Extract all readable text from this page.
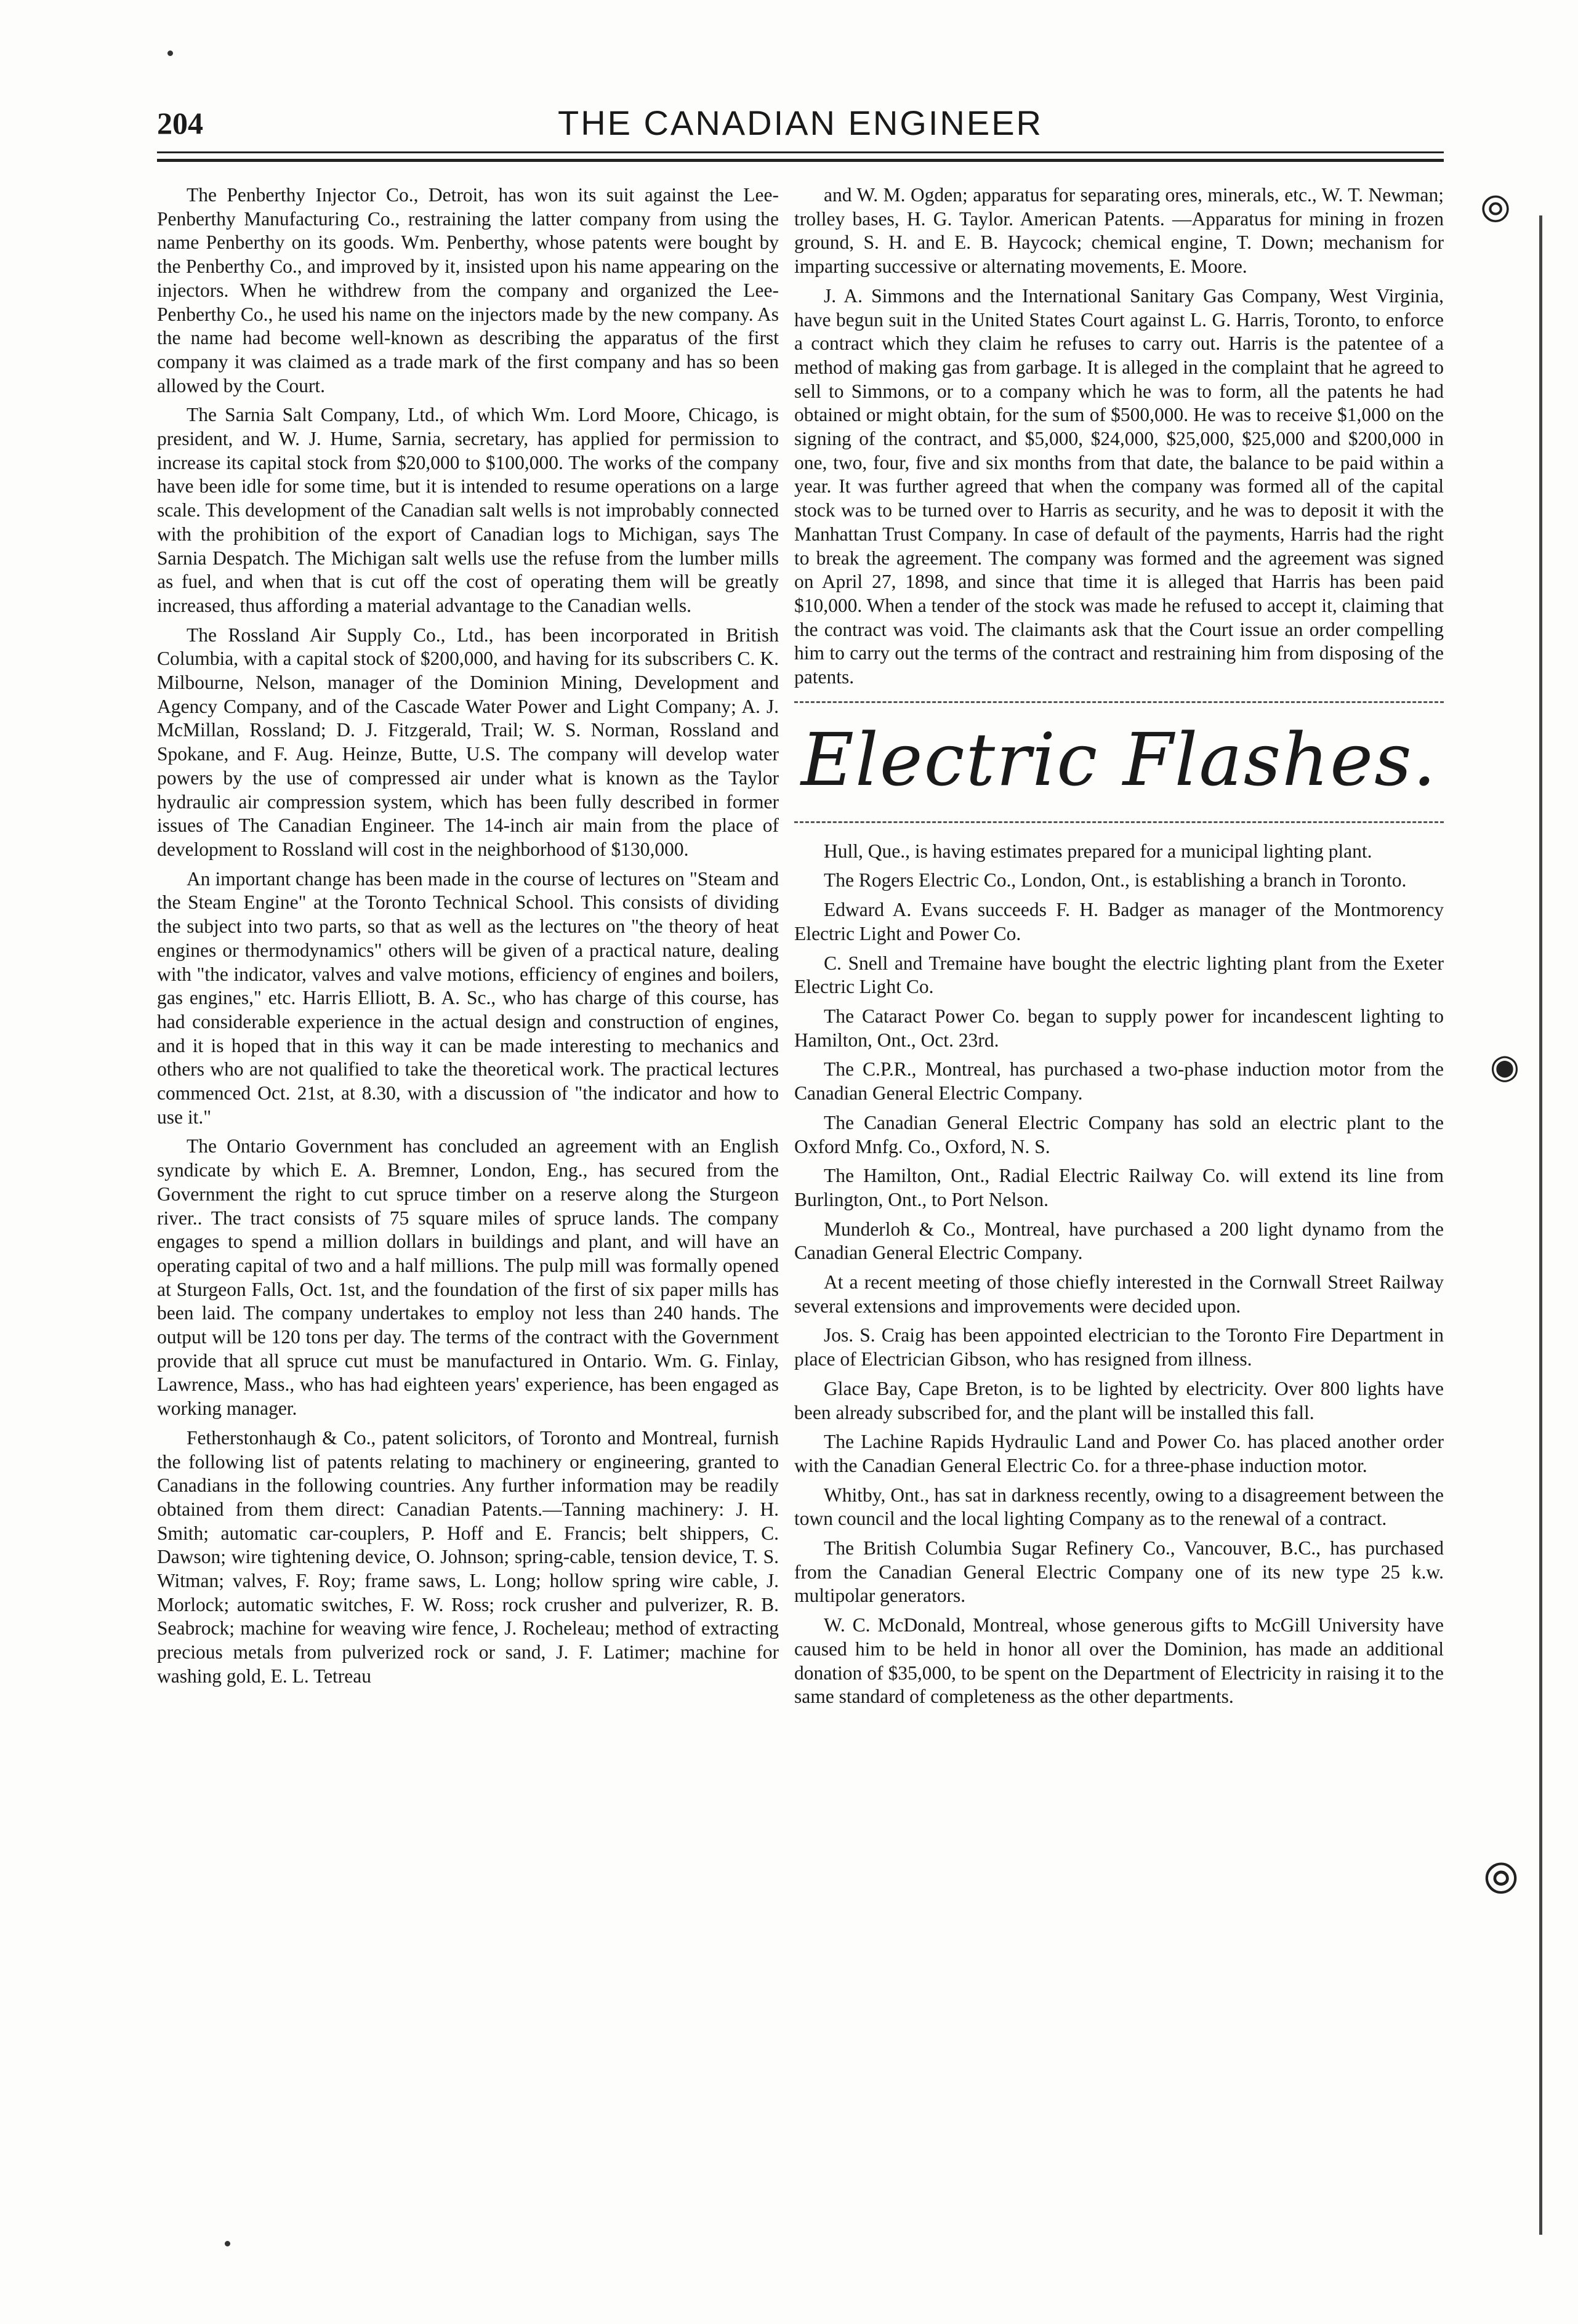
204	THE CANADIAN ENGINEER

The Penberthy Injector Co., Detroit, has won its suit against the Lee-Penberthy Manufacturing Co., restraining the latter company from using the name Penberthy on its goods. Wm. Penberthy, whose patents were bought by the Penberthy Co., and improved by it, insisted upon his name appearing on the injectors. When he withdrew from the company and organized the Lee-Penberthy Co., he used his name on the injectors made by the new company. As the name had become well-known as describing the apparatus of the first company it was claimed as a trade mark of the first company and has so been allowed by the Court.

The Sarnia Salt Company, Ltd., of which Wm. Lord Moore, Chicago, is president, and W. J. Hume, Sarnia, secretary, has applied for permission to increase its capital stock from $20,000 to $100,000. The works of the company have been idle for some time, but it is intended to resume operations on a large scale. This development of the Canadian salt wells is not improbably connected with the prohibition of the export of Canadian logs to Michigan, says The Sarnia Despatch. The Michigan salt wells use the refuse from the lumber mills as fuel, and when that is cut off the cost of operating them will be greatly increased, thus affording a material advantage to the Canadian wells.

The Rossland Air Supply Co., Ltd., has been incorporated in British Columbia, with a capital stock of $200,000, and having for its subscribers C. K. Milbourne, Nelson, manager of the Dominion Mining, Development and Agency Company, and of the Cascade Water Power and Light Company; A. J. McMillan, Rossland; D. J. Fitzgerald, Trail; W. S. Norman, Rossland and Spokane, and F. Aug. Heinze, Butte, U.S. The company will develop water powers by the use of compressed air under what is known as the Taylor hydraulic air compression system, which has been fully described in former issues of The Canadian Engineer. The 14-inch air main from the place of development to Rossland will cost in the neighborhood of $130,000.

An important change has been made in the course of lectures on "Steam and the Steam Engine" at the Toronto Technical School. This consists of dividing the subject into two parts, so that as well as the lectures on "the theory of heat engines or thermodynamics" others will be given of a practical nature, dealing with "the indicator, valves and valve motions, efficiency of engines and boilers, gas engines," etc. Harris Elliott, B. A. Sc., who has charge of this course, has had considerable experience in the actual design and construction of engines, and it is hoped that in this way it can be made interesting to mechanics and others who are not qualified to take the theoretical work. The practical lectures commenced Oct. 21st, at 8.30, with a discussion of "the indicator and how to use it."

The Ontario Government has concluded an agreement with an English syndicate by which E. A. Bremner, London, Eng., has secured from the Government the right to cut spruce timber on a reserve along the Sturgeon river.. The tract consists of 75 square miles of spruce lands. The company engages to spend a million dollars in buildings and plant, and will have an operating capital of two and a half millions. The pulp mill was formally opened at Sturgeon Falls, Oct. 1st, and the foundation of the first of six paper mills has been laid. The company undertakes to employ not less than 240 hands. The output will be 120 tons per day. The terms of the contract with the Government provide that all spruce cut must be manufactured in Ontario. Wm. G. Finlay, Lawrence, Mass., who has had eighteen years' experience, has been engaged as working manager.

Fetherstonhaugh & Co., patent solicitors, of Toronto and Montreal, furnish the following list of patents relating to machinery or engineering, granted to Canadians in the following countries. Any further information may be readily obtained from them direct: Canadian Patents.—Tanning machinery: J. H. Smith; automatic car-couplers, P. Hoff and E. Francis; belt shippers, C. Dawson; wire tightening device, O. Johnson; spring-cable, tension device, T. S. Witman; valves, F. Roy; frame saws, L. Long; hollow spring wire cable, J. Morlock; automatic switches, F. W. Ross; rock crusher and pulverizer, R. B. Seabrock; machine for weaving wire fence, J. Rocheleau; method of extracting precious metals from pulverized rock or sand, J. F. Latimer; machine for washing gold, E. L. Tetreau

and W. M. Ogden; apparatus for separating ores, minerals, etc., W. T. Newman; trolley bases, H. G. Taylor. American Patents. —Apparatus for mining in frozen ground, S. H. and E. B. Haycock; chemical engine, T. Down; mechanism for imparting successive or alternating movements, E. Moore.

J. A. Simmons and the International Sanitary Gas Company, West Virginia, have begun suit in the United States Court against L. G. Harris, Toronto, to enforce a contract which they claim he refuses to carry out. Harris is the patentee of a method of making gas from garbage. It is alleged in the complaint that he agreed to sell to Simmons, or to a company which he was to form, all the patents he had obtained or might obtain, for the sum of $500,000. He was to receive $1,000 on the signing of the contract, and $5,000, $24,000, $25,000, $25,000 and $200,000 in one, two, four, five and six months from that date, the balance to be paid within a year. It was further agreed that when the company was formed all of the capital stock was to be turned over to Harris as security, and he was to deposit it with the Manhattan Trust Company. In case of default of the payments, Harris had the right to break the agreement. The company was formed and the agreement was signed on April 27, 1898, and since that time it is alleged that Harris has been paid $10,000. When a tender of the stock was made he refused to accept it, claiming that the contract was void. The claimants ask that the Court issue an order compelling him to carry out the terms of the contract and restraining him from disposing of the patents.

Electric Flashes.

Hull, Que., is having estimates prepared for a municipal lighting plant.

The Rogers Electric Co., London, Ont., is establishing a branch in Toronto.

Edward A. Evans succeeds F. H. Badger as manager of the Montmorency Electric Light and Power Co.

C. Snell and Tremaine have bought the electric lighting plant from the Exeter Electric Light Co.

The Cataract Power Co. began to supply power for incandescent lighting to Hamilton, Ont., Oct. 23rd.

The C.P.R., Montreal, has purchased a two-phase induction motor from the Canadian General Electric Company.

The Canadian General Electric Company has sold an electric plant to the Oxford Mnfg. Co., Oxford, N. S.

The Hamilton, Ont., Radial Electric Railway Co. will extend its line from Burlington, Ont., to Port Nelson.

Munderloh & Co., Montreal, have purchased a 200 light dynamo from the Canadian General Electric Company.

At a recent meeting of those chiefly interested in the Cornwall Street Railway several extensions and improvements were decided upon.

Jos. S. Craig has been appointed electrician to the Toronto Fire Department in place of Electrician Gibson, who has resigned from illness.

Glace Bay, Cape Breton, is to be lighted by electricity. Over 800 lights have been already subscribed for, and the plant will be installed this fall.

The Lachine Rapids Hydraulic Land and Power Co. has placed another order with the Canadian General Electric Co. for a three-phase induction motor.

Whitby, Ont., has sat in darkness recently, owing to a disagreement between the town council and the local lighting Company as to the renewal of a contract.

The British Columbia Sugar Refinery Co., Vancouver, B.C., has purchased from the Canadian General Electric Company one of its new type 25 k.w. multipolar generators.

W. C. McDonald, Montreal, whose generous gifts to McGill University have caused him to be held in honor all over the Dominion, has made an additional donation of $35,000, to be spent on the Department of Electricity in raising it to the same standard of completeness as the other departments.

⦾
◉
⦾
